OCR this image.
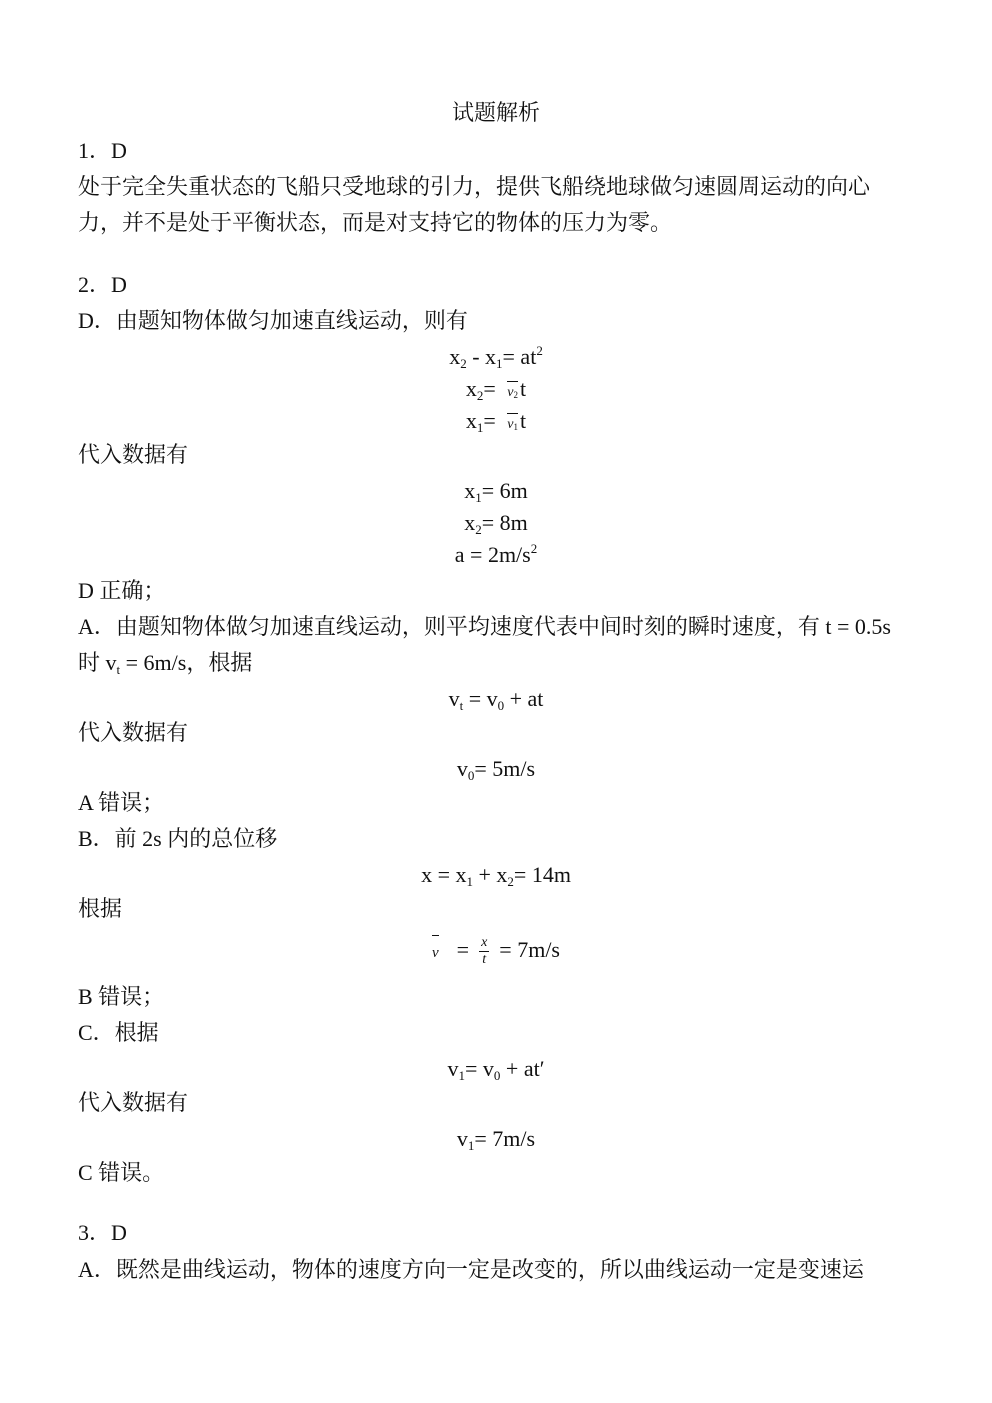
试题解析
1．D
处于完全失重状态的飞船只受地球的引力，提供飞船绕地球做匀速圆周运动的向心
力，并不是处于平衡状态，而是对支持它的物体的压力为零。
2．D
D．由题知物体做匀加速直线运动，则有
$x_2 - x_1= at^2$
$x_2= v2t$
$x_1= v1t$
代入数据有
$x_1= 6m$
$x_2= 8m$
$a = 2m/s^2$
D 正确；
A．由题知物体做匀加速直线运动，则平均速度代表中间时刻的瞬时速度，有 t = 0.5s
时 $v_t = 6m/s$，根据
$v_t = v_0$ + at
代入数据有
$v_0= 5m/s$
A 错误；
B．前 2s 内的总位移
$x = x_1 + x_2= 14m$
根据
$v = \frac{x}{t} = 7m/s$
B 错误；
C．根据
$v_1= v_0 + at'$
代入数据有
$v_1= 7m/s$
C 错误。
3．D
A．既然是曲线运动，物体的速度方向一定是改变的，所以曲线运动一定是变速运
